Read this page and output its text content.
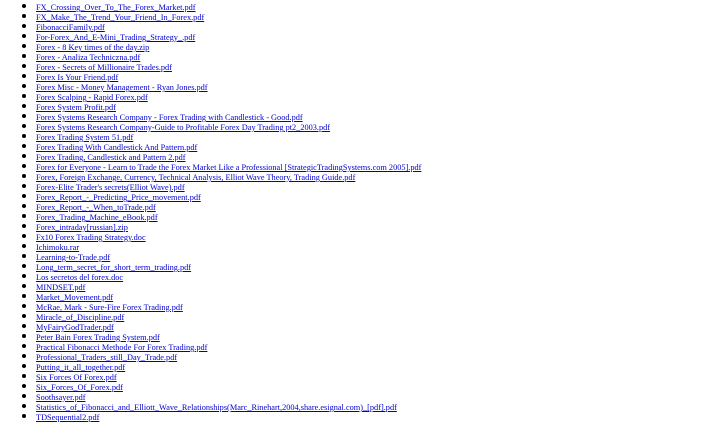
FX_Crossing_Over_To_The_Forex_Market.pdf
FX_Make_The_Trend_Your_Friend_In_Forex.pdf
FibonacciFamily.pdf
For-Forex_And_E-Mini_Trading_Strategy_.pdf
Forex - 8 Key times of the day.zip
Forex - Analiza Techniczna.pdf
Forex - Secrets of Millionaire Trades.pdf
Forex Is Your Friend.pdf
Forex Misc - Money Management - Ryan Jones.pdf
Forex Scalping - Rapid Forex.pdf
Forex System Profit.pdf
Forex Systems Research Company - Forex Trading with Candlestick - Good.pdf
Forex Systems Research Company-Guide to Profitable Forex Day Trading pt2_2003.pdf
Forex Trading System 51.pdf
Forex Trading With Candlestick And Pattern.pdf
Forex Trading, Candlestick and Pattern 2.pdf
Forex for Everyone - Learn to Trade the Forex Market Like a Professional [StrategicTradingSystems.com 2005].pdf
Forex, Foreign Exchange, Currency, Technical Analysis, Elliot Wave Theory, Trading Guide.pdf
Forex-Elite Trader's secrets(Elliot Wave).pdf
Forex_Report_-_Predicting_Price_movement.pdf
Forex_Report_-_When_toTrade.pdf
Forex_Trading_Machine_eBook.pdf
Forex_intraday[russian].zip
Fx10 Forex Trading Strategy.doc
Ichimoku.rar
Learning-to-Trade.pdf
Long_term_secret_for_short_term_trading.pdf
Los secretos del forex.doc
MINDSET.pdf
Market_Movement.pdf
McRae, Mark - Sure-Fire Forex Trading.pdf
Miracle_of_Discipline.pdf
MyFairyGodTrader.pdf
Peter Bain Forex Trading System.pdf
Practical Fibonacci Methode For Forex Trading.pdf
Professional_Traders_still_Day_Trade.pdf
Putting_it_all_together.pdf
Six Forces Of Forex.pdf
Six_Forces_Of_Forex.pdf
Soothsayer.pdf
Statistics_of_Fibonacci_and_Elliott_Wave_Relationships(Marc_Rinehart,2004,share.esignal.com)_[pdf].pdf
TDSequential2.pdf
